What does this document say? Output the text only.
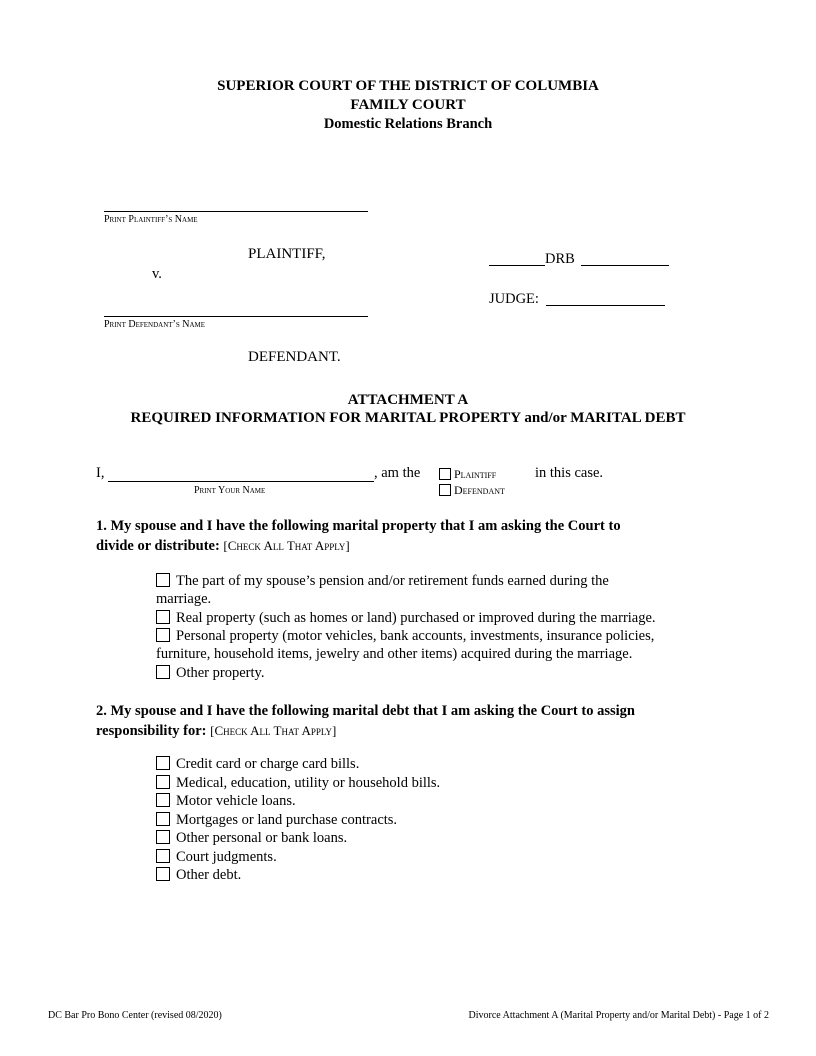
SUPERIOR COURT OF THE DISTRICT OF COLUMBIA
FAMILY COURT
Domestic Relations Branch
Print Plaintiff’s Name
PLAINTIFF,
v.
DRB
JUDGE:
Print Defendant’s Name
DEFENDANT.
ATTACHMENT A
REQUIRED INFORMATION FOR MARITAL PROPERTY and/or MARITAL DEBT
I,	, am the
Print Your Name
Plaintiff
Defendant
in this case.
1. My spouse and I have the following marital property that I am asking the Court to
divide or distribute: [Check All That Apply]
The part of my spouse’s pension and/or retirement funds earned during the
marriage.
Real property (such as homes or land) purchased or improved during the marriage.
Personal property (motor vehicles, bank accounts, investments, insurance policies,
furniture, household items, jewelry and other items) acquired during the marriage.
Other property.
2. My spouse and I have the following marital debt that I am asking the Court to assign
responsibility for: [Check All That Apply]
Credit card or charge card bills.
Medical, education, utility or household bills.
Motor vehicle loans.
Mortgages or land purchase contracts.
Other personal or bank loans.
Court judgments.
Other debt.
DC Bar Pro Bono Center (revised 08/2020)	Divorce Attachment A (Marital Property and/or Marital Debt) - Page 1 of 2
